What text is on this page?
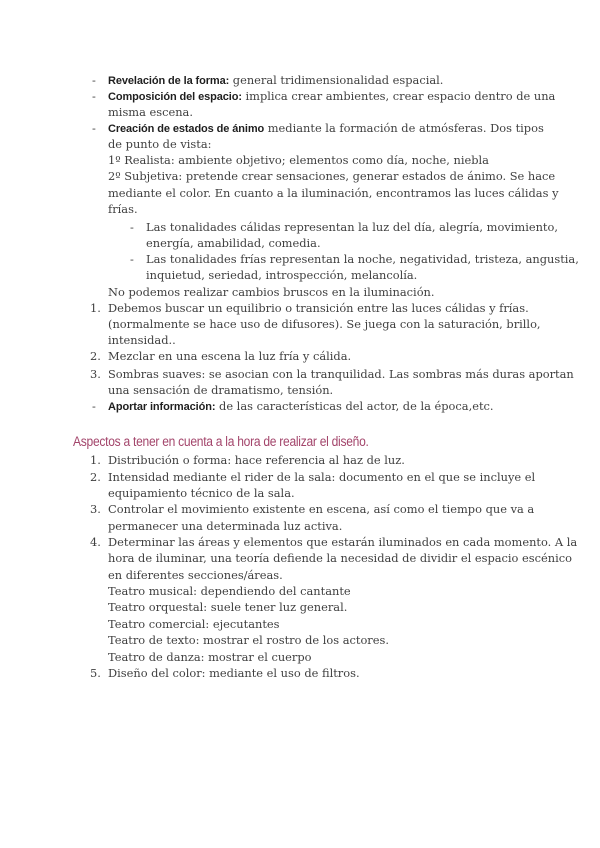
- Revelación de la forma: general tridimensionalidad espacial.
- Composición del espacio: implica crear ambientes, crear espacio dentro de una
misma escena.
- Creación de estados de ánimo mediante la formación de atmósferas. Dos tipos
de punto de vista:
1º Realista: ambiente objetivo; elementos como día, noche, niebla
2º Subjetiva: pretende crear sensaciones, generar estados de ánimo. Se hace
mediante el color. En cuanto a la iluminación, encontramos las luces cálidas y
frías.
- Las tonalidades cálidas representan la luz del día, alegría, movimiento,
energía, amabilidad, comedia.
- Las tonalidades frías representan la noche, negatividad, tristeza, angustia,
inquietud, seriedad, introspección, melancolía.
No podemos realizar cambios bruscos en la iluminación.
1. Debemos buscar un equilibrio o transición entre las luces cálidas y frías.
(normalmente se hace uso de difusores). Se juega con la saturación, brillo,
intensidad..
2. Mezclar en una escena la luz fría y cálida.
3. Sombras suaves: se asocian con la tranquilidad. Las sombras más duras aportan
una sensación de dramatismo, tensión.
- Aportar información: de las características del actor, de la época,etc.
Aspectos a tener en cuenta a la hora de realizar el diseño.
1. Distribución o forma: hace referencia al haz de luz.
2. Intensidad mediante el rider de la sala: documento en el que se incluye el
equipamiento técnico de la sala.
3. Controlar el movimiento existente en escena, así como el tiempo que va a
permanecer una determinada luz activa.
4. Determinar las áreas y elementos que estarán iluminados en cada momento. A la
hora de iluminar, una teoría defiende la necesidad de dividir el espacio escénico
en diferentes secciones/áreas.
Teatro musical: dependiendo del cantante
Teatro orquestal: suele tener luz general.
Teatro comercial: ejecutantes
Teatro de texto: mostrar el rostro de los actores.
Teatro de danza: mostrar el cuerpo
5. Diseño del color: mediante el uso de filtros.
